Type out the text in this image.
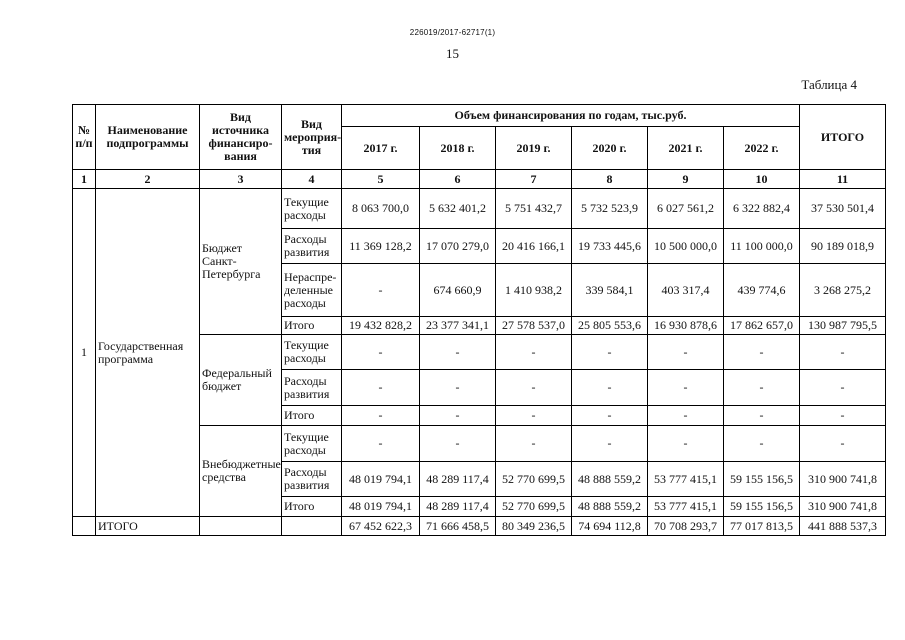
226019/2017-62717(1)
15
Таблица 4
№ п/п	Наименование подпрограммы	Вид источника финансиро-вания	Вид мероприя-тия	Объем финансирования по годам, тыс.руб.						ИТОГО
				2017 г.	2018 г.	2019 г.	2020 г.	2021 г.	2022 г.	
1	2	3	4	5	6	7	8	9	10	11
1	Государственная программа	Бюджет Санкт-Петербурга	Текущие расходы	8 063 700,0	5 632 401,2	5 751 432,7	5 732 523,9	6 027 561,2	6 322 882,4	37 530 501,4
			Расходы развития	11 369 128,2	17 070 279,0	20 416 166,1	19 733 445,6	10 500 000,0	11 100 000,0	90 189 018,9
			Нераспре-деленные расходы	-	674 660,9	1 410 938,2	339 584,1	403 317,4	439 774,6	3 268 275,2
			Итого	19 432 828,2	23 377 341,1	27 578 537,0	25 805 553,6	16 930 878,6	17 862 657,0	130 987 795,5
		Федеральный бюджет	Текущие расходы	-	-	-	-	-	-	-
			Расходы развития	-	-	-	-	-	-	-
			Итого	-	-	-	-	-	-	-
		Внебюджетные средства	Текущие расходы	-	-	-	-	-	-	-
			Расходы развития	48 019 794,1	48 289 117,4	52 770 699,5	48 888 559,2	53 777 415,1	59 155 156,5	310 900 741,8
			Итого	48 019 794,1	48 289 117,4	52 770 699,5	48 888 559,2	53 777 415,1	59 155 156,5	310 900 741,8
	ИТОГО			67 452 622,3	71 666 458,5	80 349 236,5	74 694 112,8	70 708 293,7	77 017 813,5	441 888 537,3
